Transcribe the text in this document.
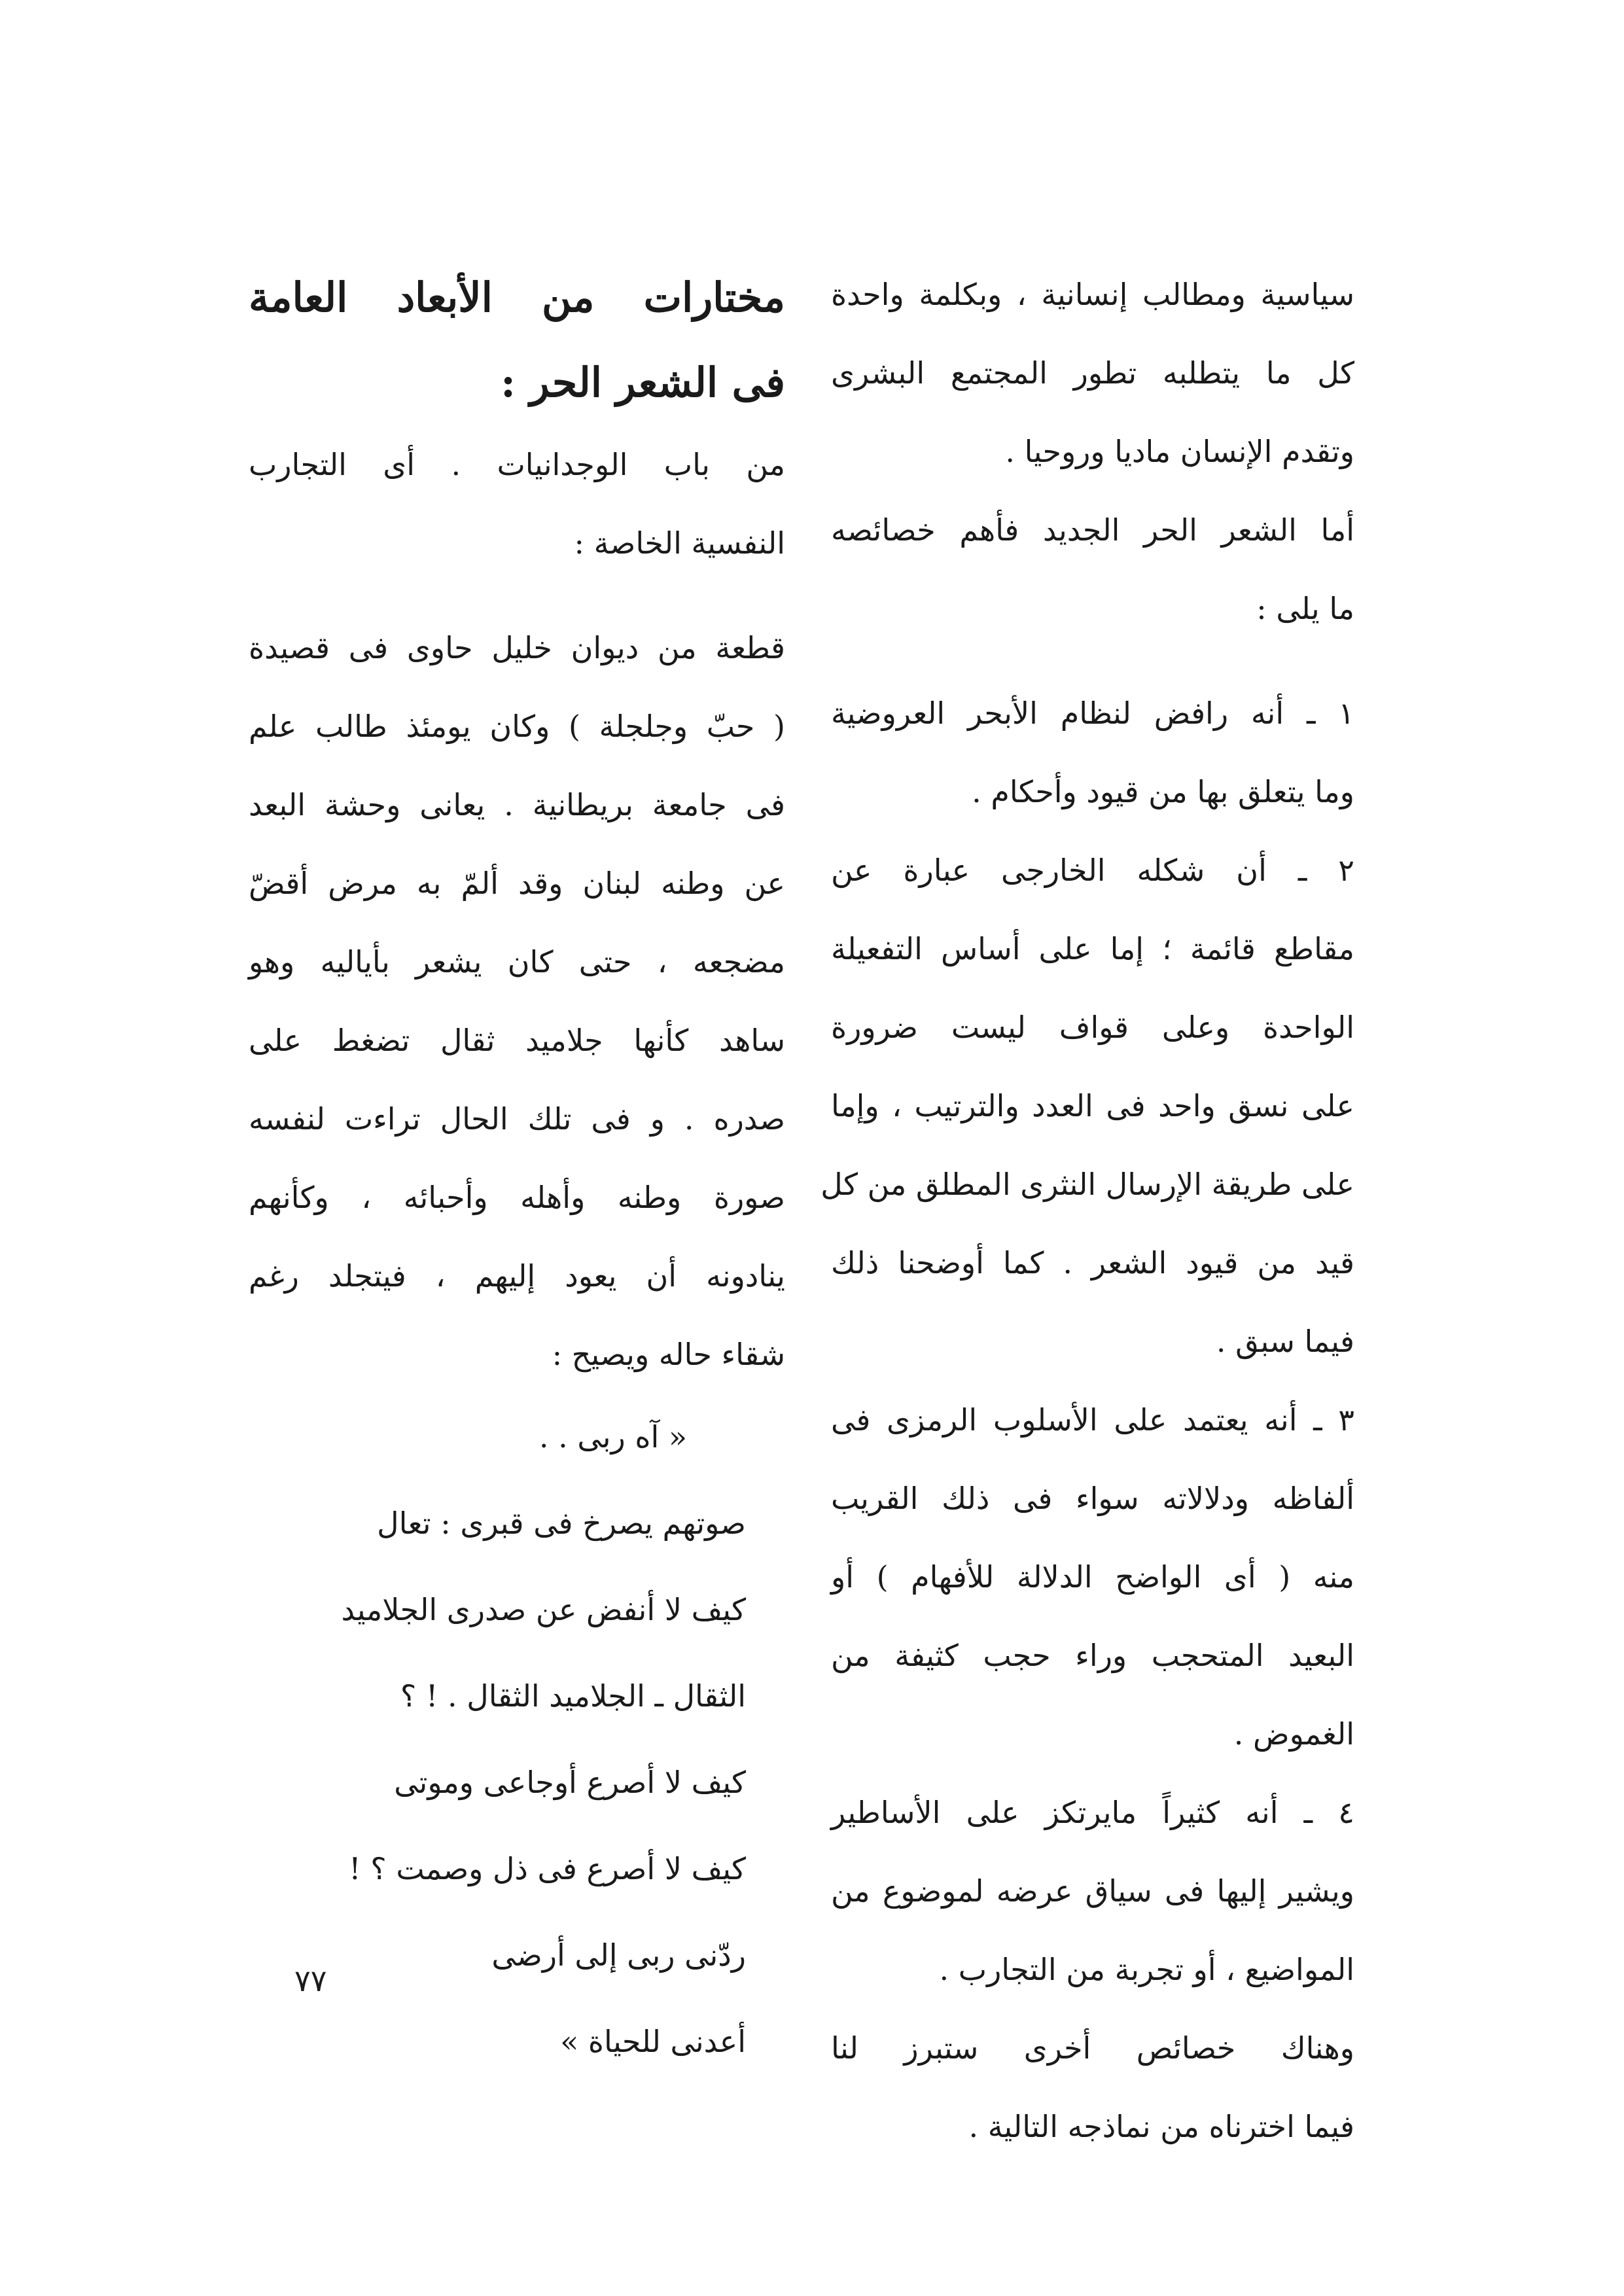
سياسية ومطالب إنسانية ، وبكلمة واحدة
كل ما يتطلبه تطور المجتمع البشرى
وتقدم الإنسان ماديا وروحيا .
أما الشعر الحر الجديد فأهم خصائصه
ما يلى :
١ ـ أنه رافض لنظام الأبحر العروضية
وما يتعلق بها من قيود وأحكام .
٢ ـ أن شكله الخارجى عبارة عن
مقاطع قائمة ؛ إما على أساس التفعيلة
الواحدة وعلى قواف ليست ضرورة
على نسق واحد فى العدد والترتيب ، وإما
على طريقة الإرسال النثرى المطلق من كل
قيد من قيود الشعر . كما أوضحنا ذلك
فيما سبق .
٣ ـ أنه يعتمد على الأسلوب الرمزى فى
ألفاظه ودلالاته سواء فى ذلك القريب
منه ( أى الواضح الدلالة للأفهام ) أو
البعيد المتحجب وراء حجب كثيفة من
الغموض .
٤ ـ أنه كثيراً مايرتكز على الأساطير
ويشير إليها فى سياق عرضه لموضوع من
المواضيع ، أو تجربة من التجارب .
وهناك خصائص أخرى ستبرز لنا
فيما اخترناه من نماذجه التالية .
مختارات من الأبعاد العامة
فى الشعر الحر :
من باب الوجدانيات . أى التجارب
النفسية الخاصة :
قطعة من ديوان خليل حاوى فى قصيدة
( حبّ وجلجلة ) وكان يومئذ طالب علم
فى جامعة بريطانية . يعانى وحشة البعد
عن وطنه لبنان وقد ألمّ به مرض أقضّ
مضجعه ، حتى كان يشعر بأياليه وهو
ساهد كأنها جلاميد ثقال تضغط على
صدره . و فى تلك الحال تراءت لنفسه
صورة وطنه وأهله وأحبائه ، وكأنهم
ينادونه أن يعود إليهم ، فيتجلد رغم
شقاء حاله ويصيح :
« آه ربى . .
صوتهم يصرخ فى قبرى : تعال
كيف لا أنفض عن صدرى الجلاميد
الثقال ـ الجلاميد الثقال . ! ؟
كيف لا أصرع أوجاعى وموتى
كيف لا أصرع فى ذل وصمت ؟ !
ردّنى ربى إلى أرضى
أعدنى للحياة »
٧٧
